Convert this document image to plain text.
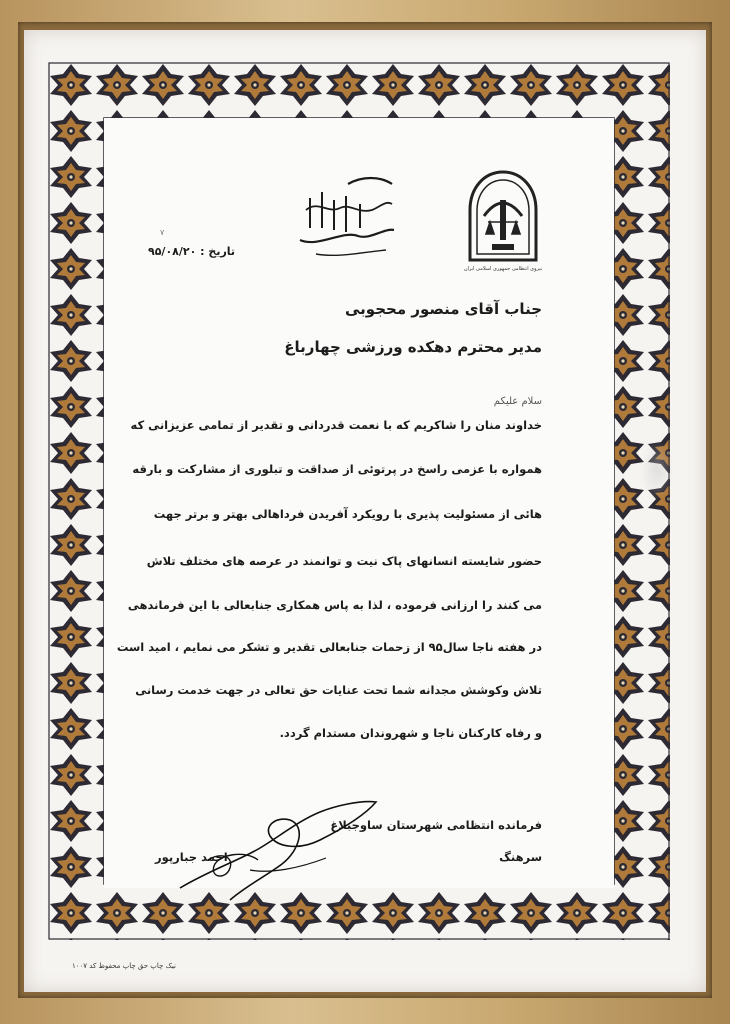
نیروی انتظامی جمهوری اسلامی ایران
٧
تاریخ : ۹۵/۰۸/۲۰
جناب آقای منصور محجوبی
مدیر محترم دهکده ورزشی چهارباغ
سلام علیکم
خداوند منان را شاکریم که با نعمت قدردانی و تقدیر از تمامی عزیزانی که
همواره با عزمی راسخ در پرتوئی از صداقت و تبلوری از مشارکت و بارقه
هائی از مسئولیت پذیری با رویکرد آفریدن فرداهالی بهتر و برتر جهت
حضور شایسته انسانهای پاک نیت و توانمند در عرصه های مختلف تلاش
می کنند را ارزانی فرموده ، لذا به پاس همکاری جنابعالی با این فرماندهی
در هفته ناجا سال۹۵ از زحمات جنابعالی تقدیر و تشکر می نمایم ، امید است
تلاش وکوشش مجدانه شما تحت عنایات حق تعالی در جهت خدمت رسانی
و رفاه کارکنان ناجا و شهروندان مستدام گردد.
فرمانده انتظامی شهرستان ساوجبلاغ
سرهنگ
احمد جبارپور
نیک چاپ حق چاپ محفوظ کد ۱۰۰۷
